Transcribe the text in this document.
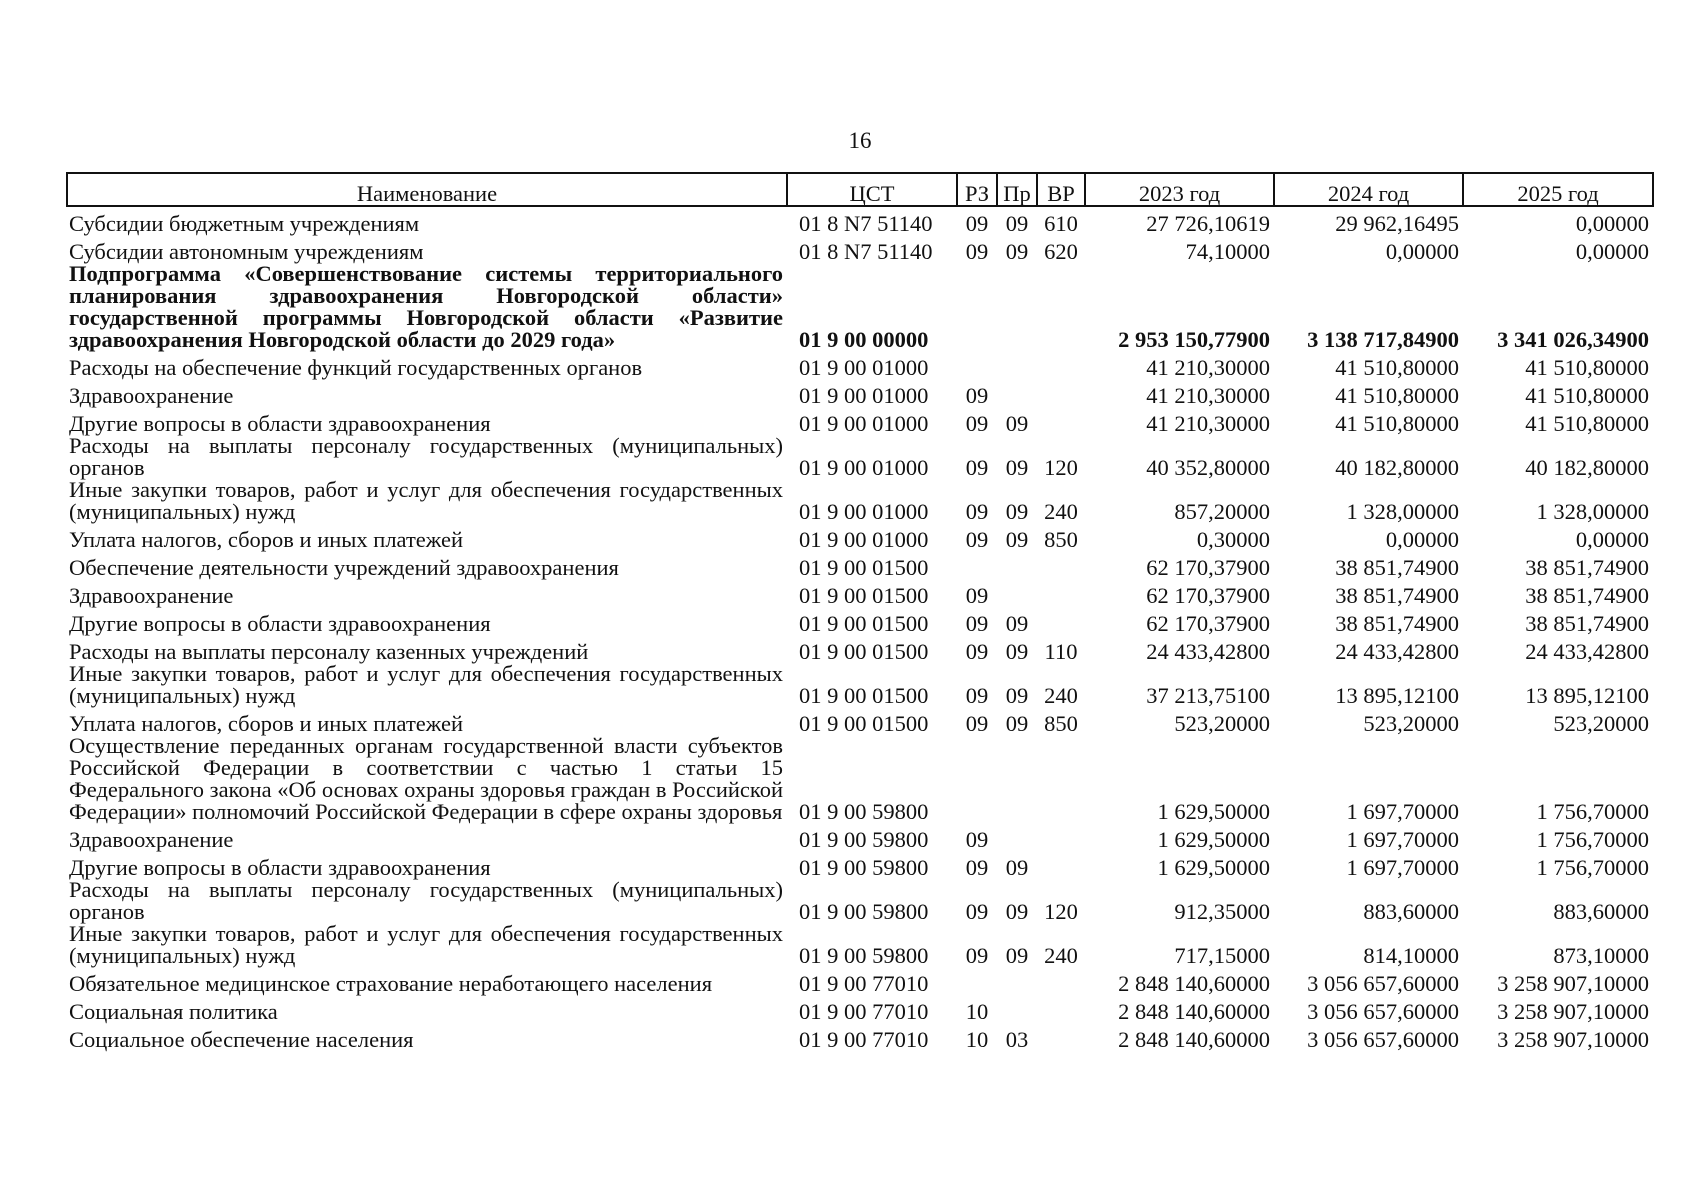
16
Наименование	ЦСТ	РЗ	Пр	ВР	2023 год	2024 год	2025 год
Субсидии бюджетным учреждениям	01 8 N7 51140	09	09	610	27 726,10619	29 962,16495	0,00000
Субсидии автономным учреждениям	01 8 N7 51140	09	09	620	74,10000	0,00000	0,00000
Подпрограмма «Совершенствование системы территориального планирования здравоохранения Новгородской области» государственной программы Новгородской области «Развитие здравоохранения Новгородской области до 2029 года»	01 9 00 00000				2 953 150,77900	3 138 717,84900	3 341 026,34900
Расходы на обеспечение функций государственных органов	01 9 00 01000				41 210,30000	41 510,80000	41 510,80000
Здравоохранение	01 9 00 01000	09			41 210,30000	41 510,80000	41 510,80000
Другие вопросы в области здравоохранения	01 9 00 01000	09	09		41 210,30000	41 510,80000	41 510,80000
Расходы на выплаты персоналу государственных (муниципальных) органов	01 9 00 01000	09	09	120	40 352,80000	40 182,80000	40 182,80000
Иные закупки товаров, работ и услуг для обеспечения государственных (муниципальных) нужд	01 9 00 01000	09	09	240	857,20000	1 328,00000	1 328,00000
Уплата налогов, сборов и иных платежей	01 9 00 01000	09	09	850	0,30000	0,00000	0,00000
Обеспечение деятельности учреждений здравоохранения	01 9 00 01500				62 170,37900	38 851,74900	38 851,74900
Здравоохранение	01 9 00 01500	09			62 170,37900	38 851,74900	38 851,74900
Другие вопросы в области здравоохранения	01 9 00 01500	09	09		62 170,37900	38 851,74900	38 851,74900
Расходы на выплаты персоналу казенных учреждений	01 9 00 01500	09	09	110	24 433,42800	24 433,42800	24 433,42800
Иные закупки товаров, работ и услуг для обеспечения государственных (муниципальных) нужд	01 9 00 01500	09	09	240	37 213,75100	13 895,12100	13 895,12100
Уплата налогов, сборов и иных платежей	01 9 00 01500	09	09	850	523,20000	523,20000	523,20000
Осуществление переданных органам государственной власти субъектов Российской Федерации в соответствии с частью 1 статьи 15 Федерального закона «Об основах охраны здоровья граждан в Российской Федерации» полномочий Российской Федерации в сфере охраны здоровья	01 9 00 59800				1 629,50000	1 697,70000	1 756,70000
Здравоохранение	01 9 00 59800	09			1 629,50000	1 697,70000	1 756,70000
Другие вопросы в области здравоохранения	01 9 00 59800	09	09		1 629,50000	1 697,70000	1 756,70000
Расходы на выплаты персоналу государственных (муниципальных) органов	01 9 00 59800	09	09	120	912,35000	883,60000	883,60000
Иные закупки товаров, работ и услуг для обеспечения государственных (муниципальных) нужд	01 9 00 59800	09	09	240	717,15000	814,10000	873,10000
Обязательное медицинское страхование неработающего населения	01 9 00 77010				2 848 140,60000	3 056 657,60000	3 258 907,10000
Социальная политика	01 9 00 77010	10			2 848 140,60000	3 056 657,60000	3 258 907,10000
Социальное обеспечение населения	01 9 00 77010	10	03		2 848 140,60000	3 056 657,60000	3 258 907,10000
